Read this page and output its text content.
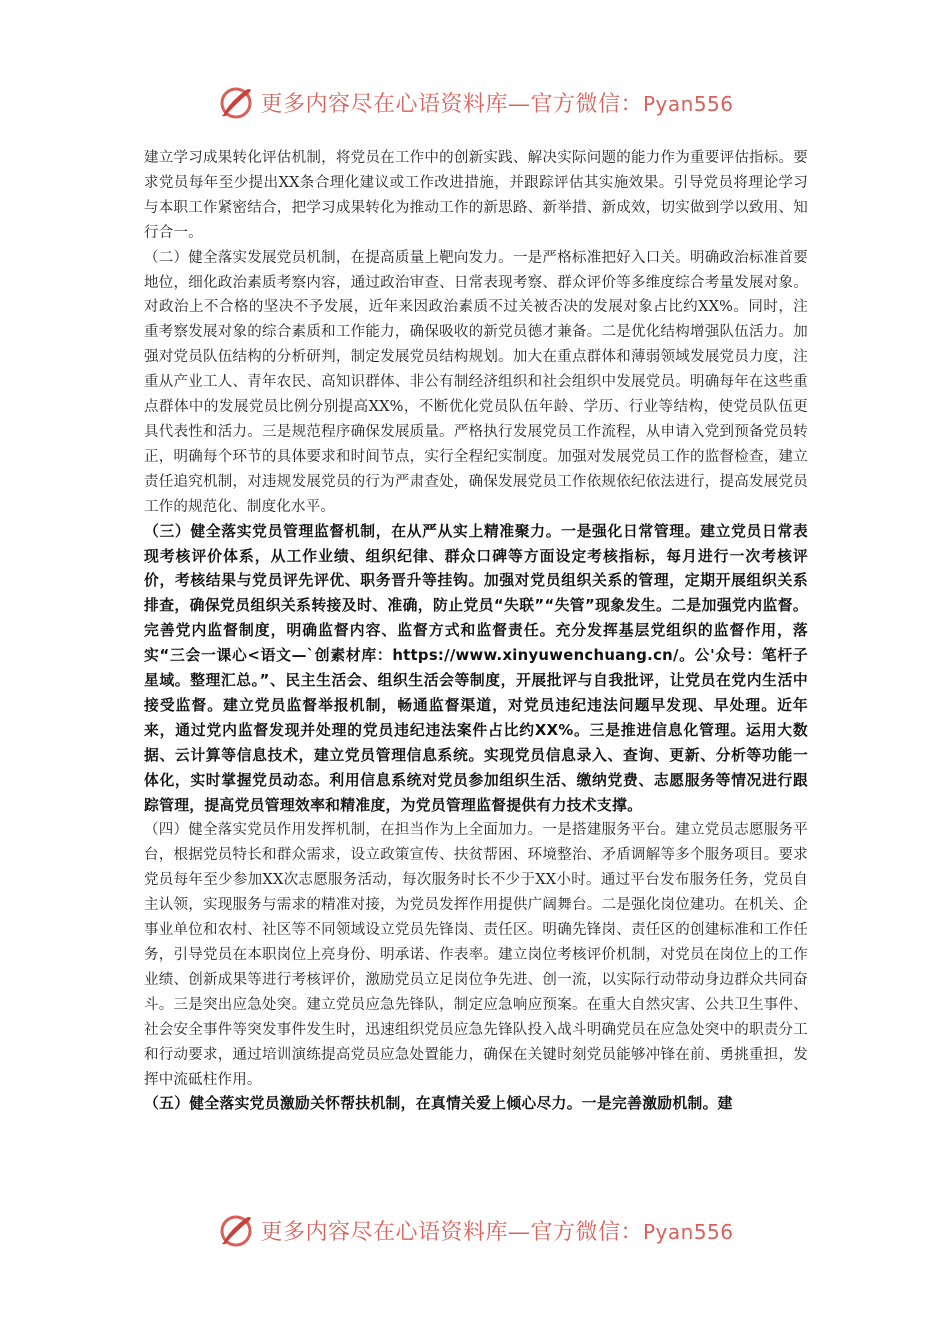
更多内容尽在心语资料库—官方微信：Pyan556

建立学习成果转化评估机制，将党员在工作中的创新实践、解决实际问题的能力作为重要评估指标。要求党员每年至少提出XX条合理化建议或工作改进措施，并跟踪评估其实施效果。引导党员将理论学习与本职工作紧密结合，把学习成果转化为推动工作的新思路、新举措、新成效，切实做到学以致用、知行合一。

（二）健全落实发展党员机制，在提高质量上靶向发力。一是严格标准把好入口关。明确政治标准首要地位，细化政治素质考察内容，通过政治审查、日常表现考察、群众评价等多维度综合考量发展对象。对政治上不合格的坚决不予发展，近年来因政治素质不过关被否决的发展对象占比约XX%。同时，注重考察发展对象的综合素质和工作能力，确保吸收的新党员德才兼备。二是优化结构增强队伍活力。加强对党员队伍结构的分析研判，制定发展党员结构规划。加大在重点群体和薄弱领域发展党员力度，注重从产业工人、青年农民、高知识群体、非公有制经济组织和社会组织中发展党员。明确每年在这些重点群体中的发展党员比例分别提高XX%，不断优化党员队伍年龄、学历、行业等结构，使党员队伍更具代表性和活力。三是规范程序确保发展质量。严格执行发展党员工作流程，从申请入党到预备党员转正，明确每个环节的具体要求和时间节点，实行全程纪实制度。加强对发展党员工作的监督检查，建立责任追究机制，对违规发展党员的行为严肃查处，确保发展党员工作依规依纪依法进行，提高发展党员工作的规范化、制度化水平。

（三）健全落实党员管理监督机制，在从严从实上精准聚力。一是强化日常管理。建立党员日常表现考核评价体系，从工作业绩、组织纪律、群众口碑等方面设定考核指标，每月进行一次考核评价，考核结果与党员评先评优、职务晋升等挂钩。加强对党员组织关系的管理，定期开展组织关系排查，确保党员组织关系转接及时、准确，防止党员“失联”“失管”现象发生。二是加强党内监督。完善党内监督制度，明确监督内容、监督方式和监督责任。充分发挥基层党组织的监督作用，落实“三会一课心<语文—`创素材库：https://www.xinyuwenchuang.cn/。公'众号：笔杆子星域。整理汇总。”、民主生活会、组织生活会等制度，开展批评与自我批评，让党员在党内生活中接受监督。建立党员监督举报机制，畅通监督渠道，对党员违纪违法问题早发现、早处理。近年来，通过党内监督发现并处理的党员违纪违法案件占比约XX%。三是推进信息化管理。运用大数据、云计算等信息技术，建立党员管理信息系统。实现党员信息录入、查询、更新、分析等功能一体化，实时掌握党员动态。利用信息系统对党员参加组织生活、缴纳党费、志愿服务等情况进行跟踪管理，提高党员管理效率和精准度，为党员管理监督提供有力技术支撑。

（四）健全落实党员作用发挥机制，在担当作为上全面加力。一是搭建服务平台。建立党员志愿服务平台，根据党员特长和群众需求，设立政策宣传、扶贫帮困、环境整治、矛盾调解等多个服务项目。要求党员每年至少参加XX次志愿服务活动，每次服务时长不少于XX小时。通过平台发布服务任务，党员自主认领，实现服务与需求的精准对接，为党员发挥作用提供广阔舞台。二是强化岗位建功。在机关、企事业单位和农村、社区等不同领域设立党员先锋岗、责任区。明确先锋岗、责任区的创建标准和工作任务，引导党员在本职岗位上亮身份、明承诺、作表率。建立岗位考核评价机制，对党员在岗位上的工作业绩、创新成果等进行考核评价，激励党员立足岗位争先进、创一流，以实际行动带动身边群众共同奋斗。三是突出应急处突。建立党员应急先锋队，制定应急响应预案。在重大自然灾害、公共卫生事件、社会安全事件等突发事件发生时，迅速组织党员应急先锋队投入战斗明确党员在应急处突中的职责分工和行动要求，通过培训演练提高党员应急处置能力，确保在关键时刻党员能够冲锋在前、勇挑重担，发挥中流砥柱作用。

（五）健全落实党员激励关怀帮扶机制，在真情关爱上倾心尽力。一是完善激励机制。建

更多内容尽在心语资料库—官方微信：Pyan556
